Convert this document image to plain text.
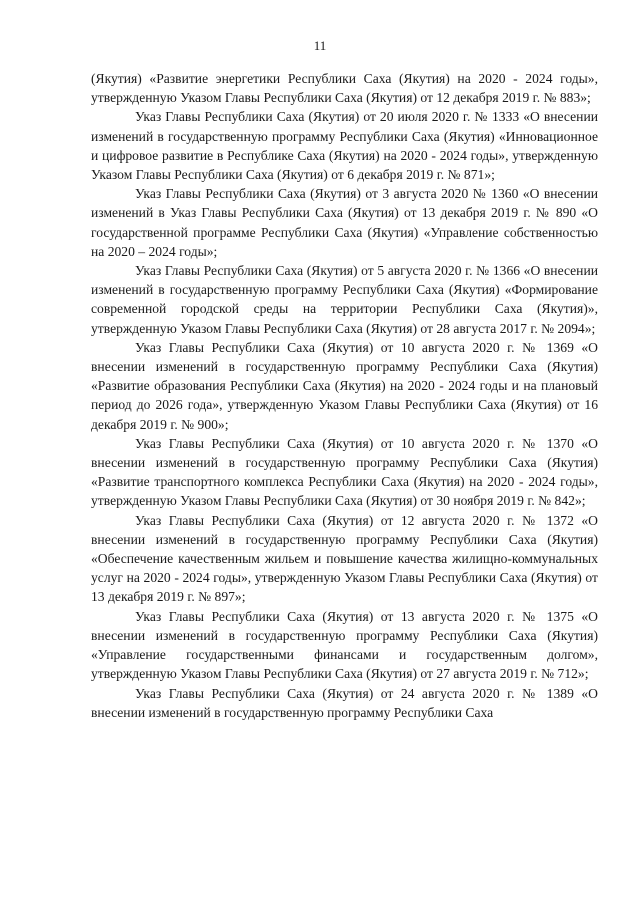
11

(Якутия) «Развитие энергетики Республики Саха (Якутия) на 2020 - 2024 годы», утвержденную Указом Главы Республики Саха (Якутия) от 12 декабря 2019 г. № 883»;

Указ Главы Республики Саха (Якутия) от 20 июля 2020 г. № 1333 «О внесении изменений в государственную программу Республики Саха (Якутия) «Инновационное и цифровое развитие в Республике Саха (Якутия) на 2020 - 2024 годы», утвержденную Указом Главы Республики Саха (Якутия) от 6 декабря 2019 г. № 871»;

Указ Главы Республики Саха (Якутия) от 3 августа 2020 № 1360 «О внесении изменений в Указ Главы Республики Саха (Якутия) от 13 декабря 2019 г. № 890 «О государственной программе Республики Саха (Якутия) «Управление собственностью на 2020 – 2024 годы»;

Указ Главы Республики Саха (Якутия) от 5 августа 2020 г. № 1366 «О внесении изменений в государственную программу Республики Саха (Якутия) «Формирование современной городской среды на территории Республики Саха (Якутия)», утвержденную Указом Главы Республики Саха (Якутия) от 28 августа 2017 г. № 2094»;

Указ Главы Республики Саха (Якутия) от 10 августа 2020 г. № 1369 «О внесении изменений в государственную программу Республики Саха (Якутия) «Развитие образования Республики Саха (Якутия) на 2020 - 2024 годы и на плановый период до 2026 года», утвержденную Указом Главы Республики Саха (Якутия) от 16 декабря 2019 г. № 900»;

Указ Главы Республики Саха (Якутия) от 10 августа 2020 г. № 1370 «О внесении изменений в государственную программу Республики Саха (Якутия) «Развитие транспортного комплекса Республики Саха (Якутия) на 2020 - 2024 годы», утвержденную Указом Главы Республики Саха (Якутия) от 30 ноября 2019 г. № 842»;

Указ Главы Республики Саха (Якутия) от 12 августа 2020 г. № 1372 «О внесении изменений в государственную программу Республики Саха (Якутия) «Обеспечение качественным жильем и повышение качества жилищно-коммунальных услуг на 2020 - 2024 годы», утвержденную Указом Главы Республики Саха (Якутия) от 13 декабря 2019 г. № 897»;

Указ Главы Республики Саха (Якутия) от 13 августа 2020 г. № 1375 «О внесении изменений в государственную программу Республики Саха (Якутия) «Управление государственными финансами и государственным долгом», утвержденную Указом Главы Республики Саха (Якутия) от 27 августа 2019 г. № 712»;

Указ Главы Республики Саха (Якутия) от 24 августа 2020 г. № 1389 «О внесении изменений в государственную программу Республики Саха
